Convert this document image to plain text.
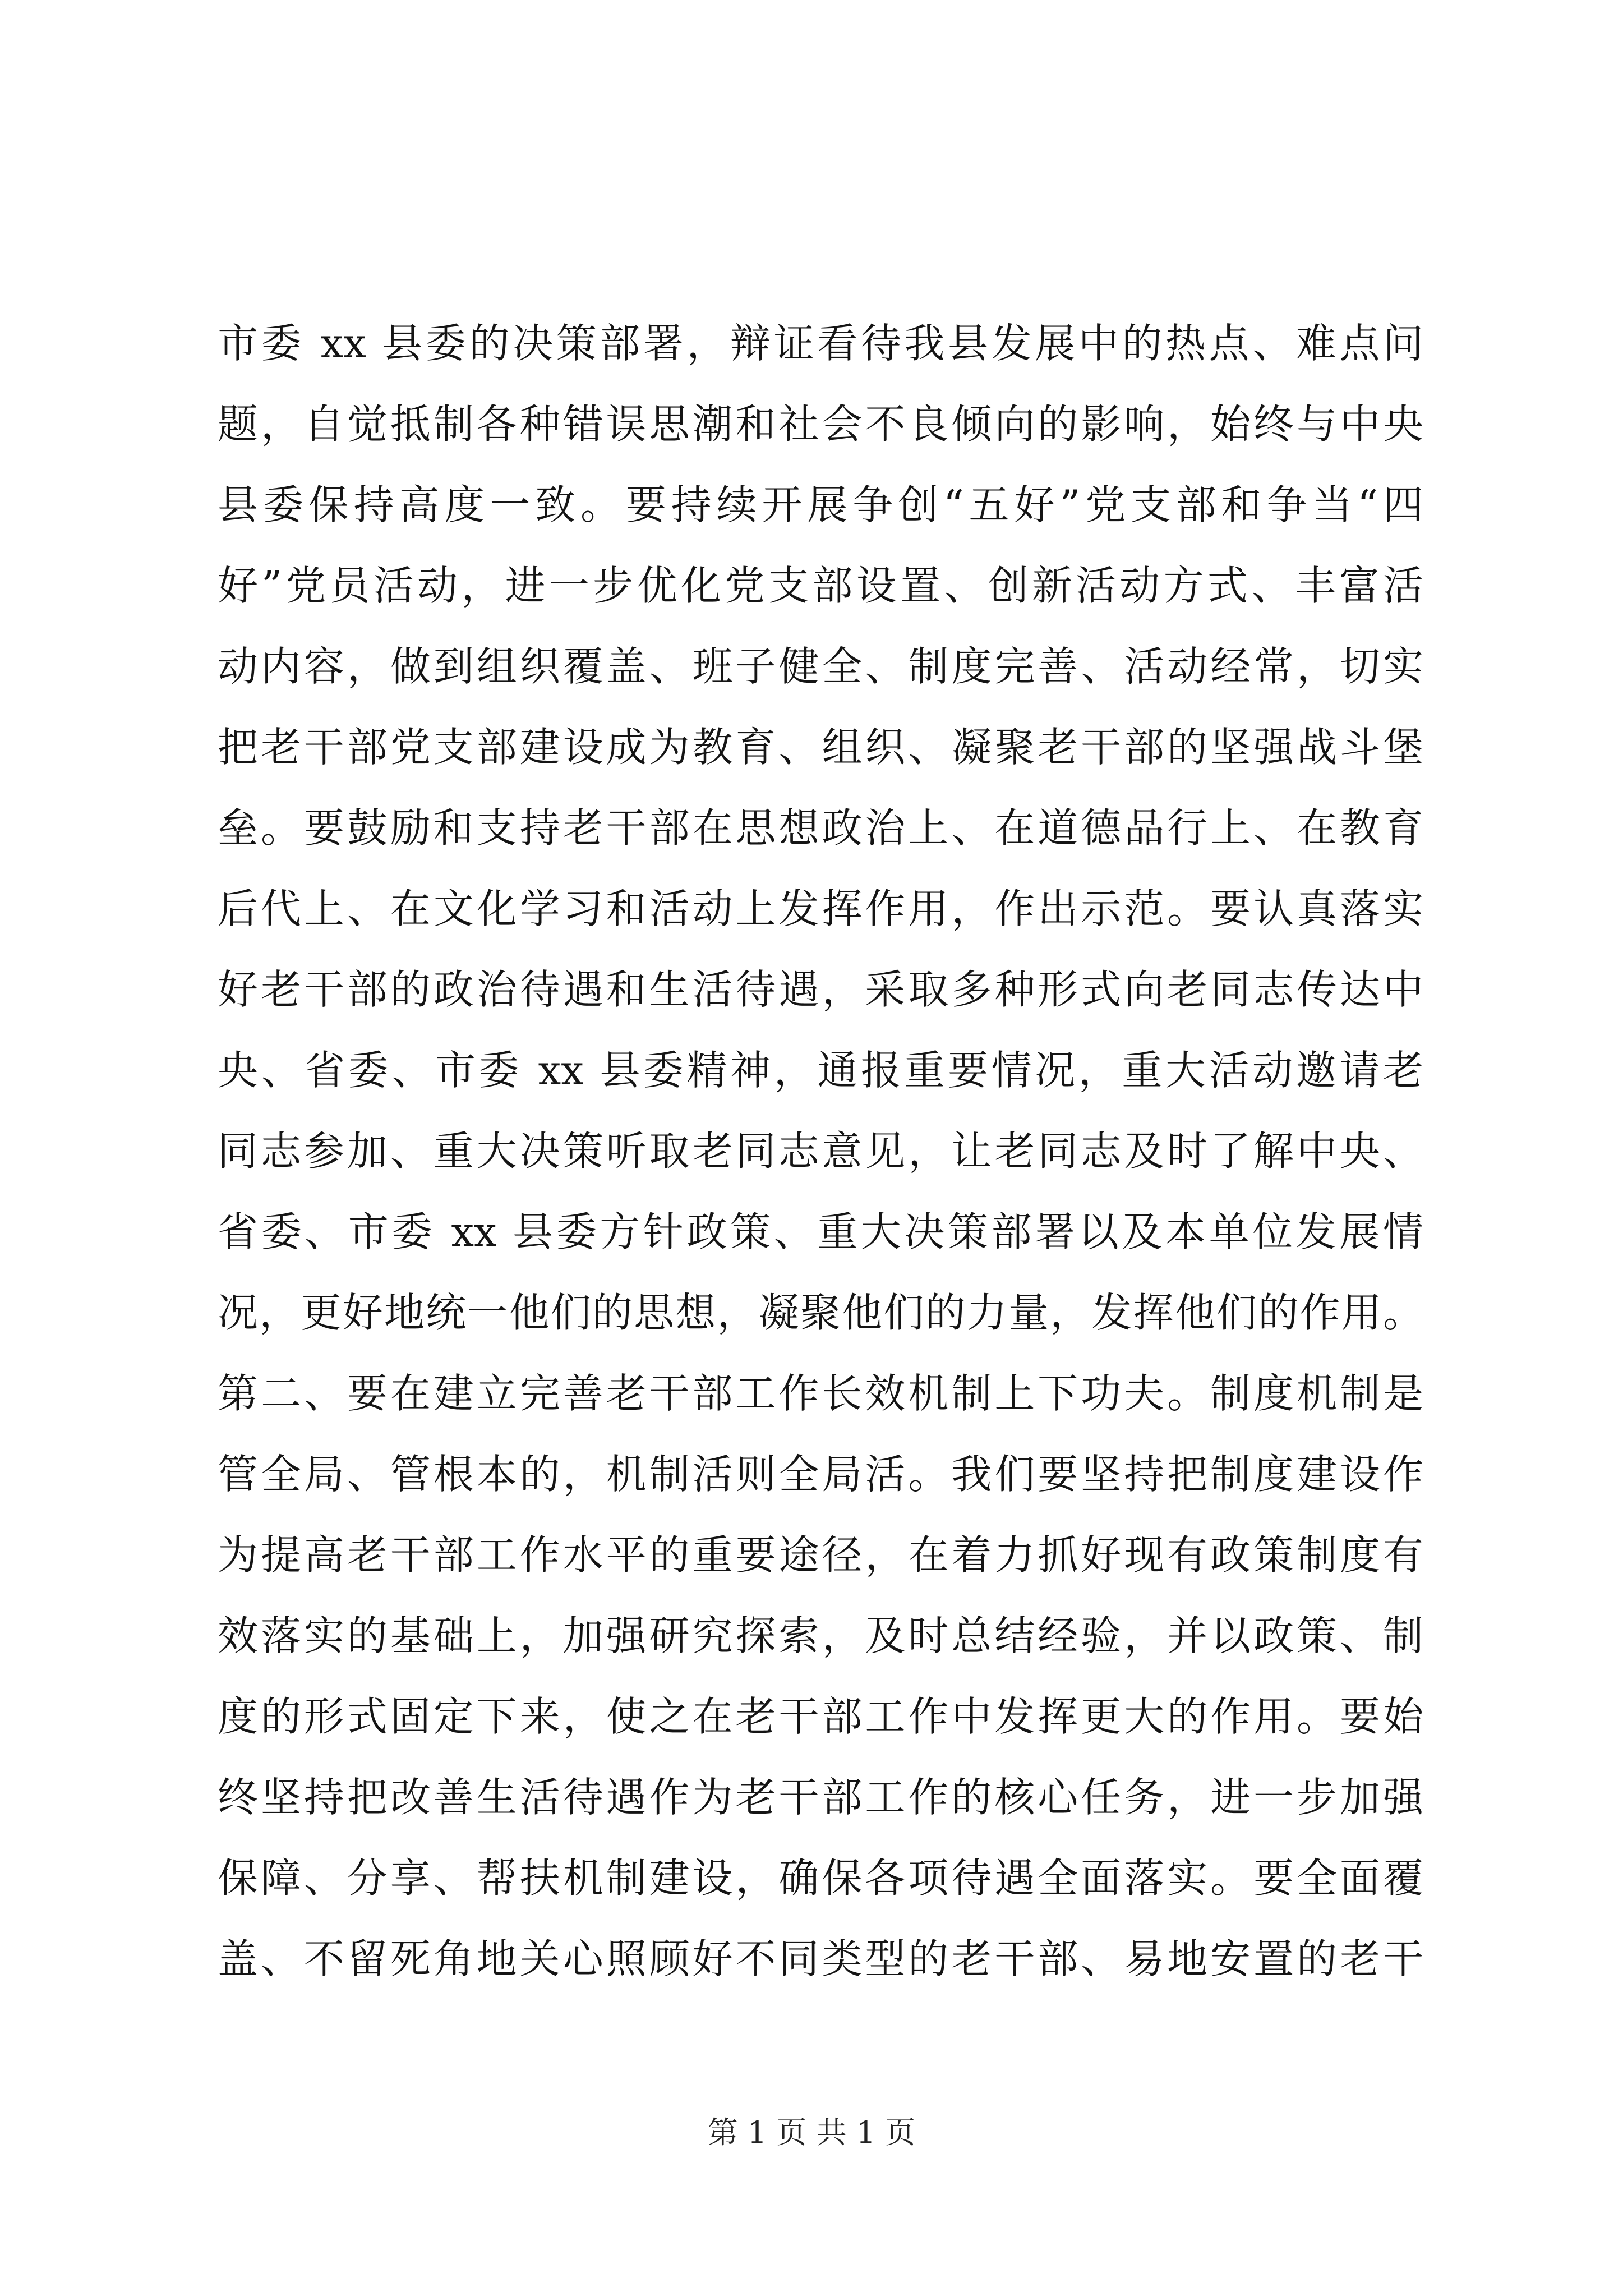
市委 xx 县委的决策部署，辩证看待我县发展中的热点、难点问
题，自觉抵制各种错误思潮和社会不良倾向的影响，始终与中央
县委保持高度一致。要持续开展争创“五好”党支部和争当“四
好”党员活动，进一步优化党支部设置、创新活动方式、丰富活
动内容，做到组织覆盖、班子健全、制度完善、活动经常，切实
把老干部党支部建设成为教育、组织、凝聚老干部的坚强战斗堡
垒。要鼓励和支持老干部在思想政治上、在道德品行上、在教育
后代上、在文化学习和活动上发挥作用，作出示范。要认真落实
好老干部的政治待遇和生活待遇，采取多种形式向老同志传达中
央、省委、市委 xx 县委精神，通报重要情况，重大活动邀请老
同志参加、重大决策听取老同志意见，让老同志及时了解中央、
省委、市委 xx 县委方针政策、重大决策部署以及本单位发展情
况，更好地统一他们的思想，凝聚他们的力量，发挥他们的作用。
第二、要在建立完善老干部工作长效机制上下功夫。制度机制是
管全局、管根本的，机制活则全局活。我们要坚持把制度建设作
为提高老干部工作水平的重要途径，在着力抓好现有政策制度有
效落实的基础上，加强研究探索，及时总结经验，并以政策、制
度的形式固定下来，使之在老干部工作中发挥更大的作用。要始
终坚持把改善生活待遇作为老干部工作的核心任务，进一步加强
保障、分享、帮扶机制建设，确保各项待遇全面落实。要全面覆
盖、不留死角地关心照顾好不同类型的老干部、易地安置的老干
第 1 页 共 1 页
